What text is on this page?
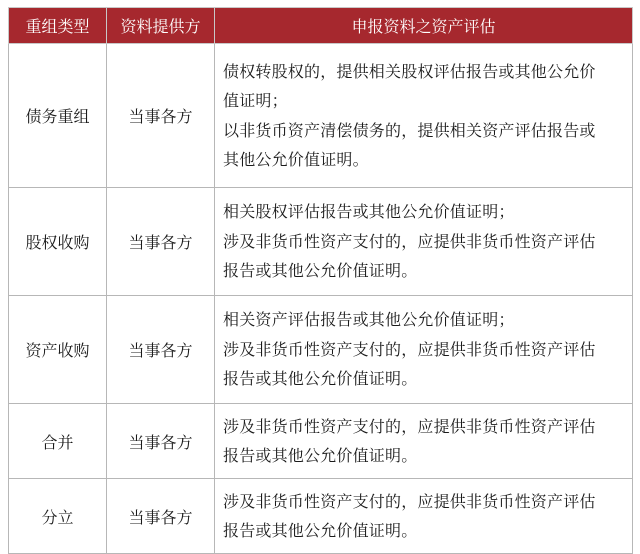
重组类型	资料提供方	申报资料之资产评估
债务重组	当事各方	债权转股权的，提供相关股权评估报告或其他公允价
值证明；
以非货币资产清偿债务的，提供相关资产评估报告或
其他公允价值证明。

股权收购	当事各方	相关股权评估报告或其他公允价值证明；
涉及非货币性资产支付的，应提供非货币性资产评估
报告或其他公允价值证明。

资产收购	当事各方	相关资产评估报告或其他公允价值证明；
涉及非货币性资产支付的，应提供非货币性资产评估
报告或其他公允价值证明。

合并	当事各方	涉及非货币性资产支付的，应提供非货币性资产评估
报告或其他公允价值证明。

分立	当事各方	涉及非货币性资产支付的，应提供非货币性资产评估
报告或其他公允价值证明。
